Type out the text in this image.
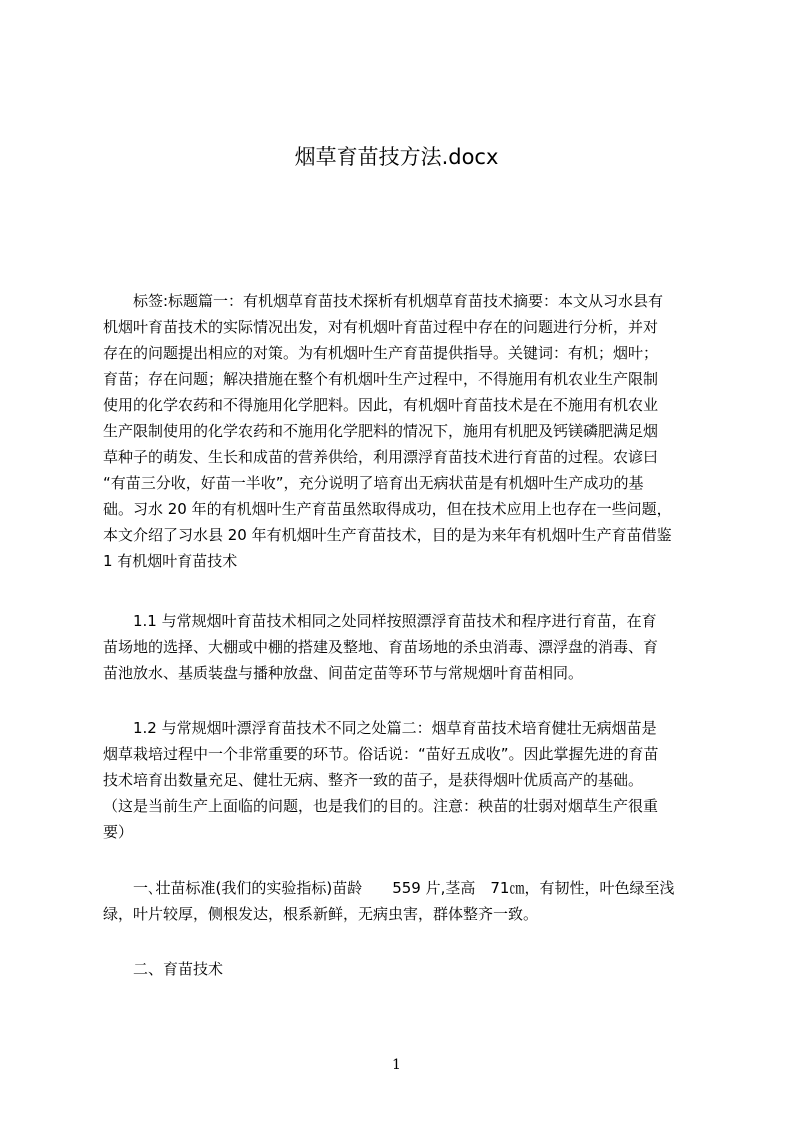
烟草育苗技方法.docx
　　标签:标题篇一：有机烟草育苗技术探析有机烟草育苗技术摘要：本文从习水县有
机烟叶育苗技术的实际情况出发，对有机烟叶育苗过程中存在的问题进行分析，并对
存在的问题提出相应的对策。为有机烟叶生产育苗提供指导。关键词：有机；烟叶；
育苗；存在问题；解决措施在整个有机烟叶生产过程中，不得施用有机农业生产限制
使用的化学农药和不得施用化学肥料。因此，有机烟叶育苗技术是在不施用有机农业
生产限制使用的化学农药和不施用化学肥料的情况下，施用有机肥及钙镁磷肥满足烟
草种子的萌发、生长和成苗的营养供给，利用漂浮育苗技术进行育苗的过程。农谚曰
“有苗三分收，好苗一半收”，充分说明了培育出无病状苗是有机烟叶生产成功的基
础。习水 20 年的有机烟叶生产育苗虽然取得成功，但在技术应用上也存在一些问题，
本文介绍了习水县 20 年有机烟叶生产育苗技术，目的是为来年有机烟叶生产育苗借鉴
1 有机烟叶育苗技术
　　1.1 与常规烟叶育苗技术相同之处同样按照漂浮育苗技术和程序进行育苗，在育
苗场地的选择、大棚或中棚的搭建及整地、育苗场地的杀虫消毒、漂浮盘的消毒、育
苗池放水、基质装盘与播种放盘、间苗定苗等环节与常规烟叶育苗相同。
　　1.2 与常规烟叶漂浮育苗技术不同之处篇二：烟草育苗技术培育健壮无病烟苗是
烟草栽培过程中一个非常重要的环节。俗话说：“苗好五成收”。因此掌握先进的育苗
技术培育出数量充足、健壮无病、整齐一致的苗子，是获得烟叶优质高产的基础。
（这是当前生产上面临的问题，也是我们的目的。注意：秧苗的壮弱对烟草生产很重
要）
　　一､壮苗标准(我们的实验指标)苗龄　　559 片,茎高　71㎝，有韧性，叶色绿至浅
绿，叶片较厚，侧根发达，根系新鲜，无病虫害，群体整齐一致。
　　二、育苗技术
1
